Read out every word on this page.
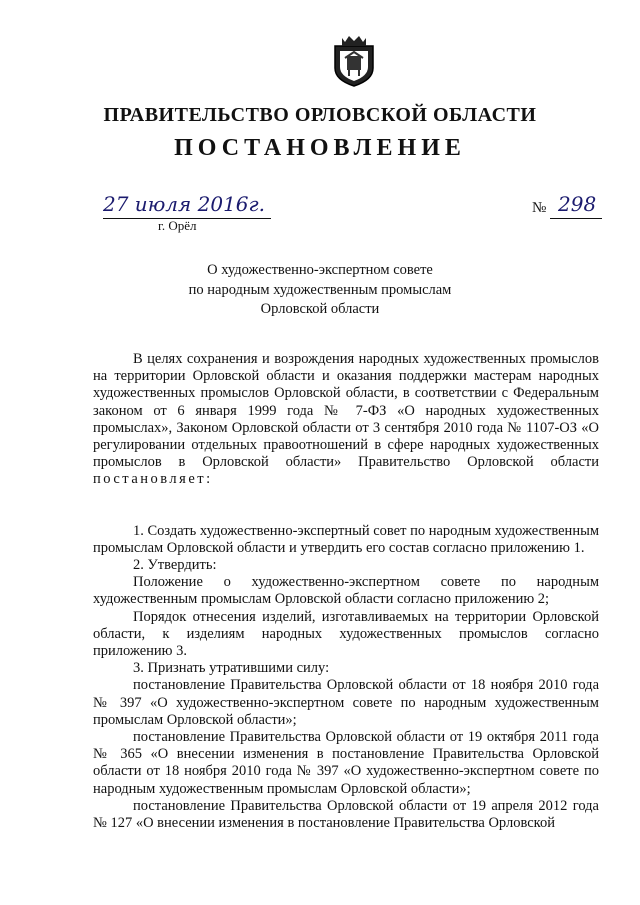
ПРАВИТЕЛЬСТВО ОРЛОВСКОЙ ОБЛАСТИ
ПОСТАНОВЛЕНИЕ
27 июля 2016г.
г. Орёл
№ 298
О художественно-экспертном совете
по народным художественным промыслам
Орловской области

В целях сохранения и возрождения народных художественных промыслов на территории Орловской области и оказания поддержки мастерам народных художественных промыслов Орловской области, в соответствии с Федеральным законом от 6 января 1999 года № 7-ФЗ «О народных художественных промыслах», Законом Орловской области от 3 сентября 2010 года № 1107-ОЗ «О регулировании отдельных правоотношений в сфере народных художественных промыслов в Орловской области» Правительство Орловской области постановляет:

1. Создать художественно-экспертный совет по народным художественным промыслам Орловской области и утвердить его состав согласно приложению 1.

2. Утвердить:

Положение о художественно-экспертном совете по народным художественным промыслам Орловской области согласно приложению 2;

Порядок отнесения изделий, изготавливаемых на территории Орловской области, к изделиям народных художественных промыслов согласно приложению 3.

3. Признать утратившими силу:

постановление Правительства Орловской области от 18 ноября 2010 года № 397 «О художественно-экспертном совете по народным художественным промыслам Орловской области»;

постановление Правительства Орловской области от 19 октября 2011 года № 365 «О внесении изменения в постановление Правительства Орловской области от 18 ноября 2010 года № 397 «О художественно-экспертном совете по народным художественным промыслам Орловской области»;

постановление Правительства Орловской области от 19 апреля 2012 года № 127 «О внесении изменения в постановление Правительства Орловской
